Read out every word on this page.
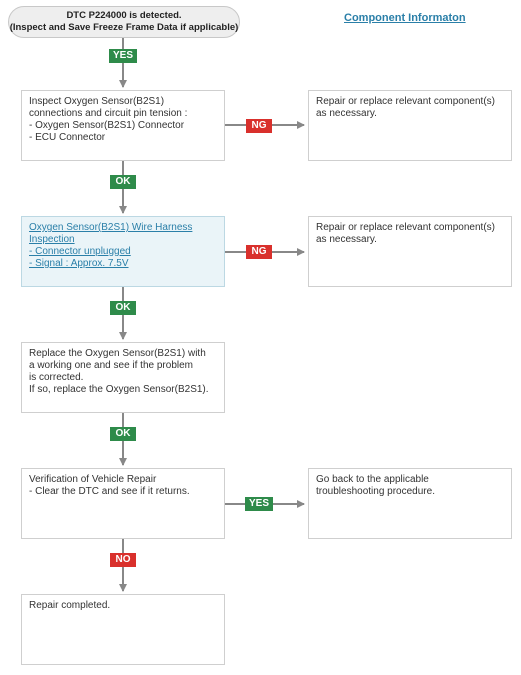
DTC P224000 is detected.
(Inspect and Save Freeze Frame Data if applicable)
Component Informaton
Inspect Oxygen Sensor(B2S1)
connections and circuit pin tension :
- Oxygen Sensor(B2S1) Connector
- ECU Connector
Oxygen Sensor(B2S1) Wire Harness
Inspection
- Connector unplugged
- Signal : Approx. 7.5V
Replace the Oxygen Sensor(B2S1) with
a working one and see if the problem
is corrected.
If so, replace the Oxygen Sensor(B2S1).
Verification of Vehicle Repair
- Clear the DTC and see if it returns.
Repair completed.
Repair or replace relevant component(s)
as necessary.
Repair or replace relevant component(s)
as necessary.
Go back to the applicable
troubleshooting procedure.
YES
NG
OK
NG
OK
OK
YES
NO
